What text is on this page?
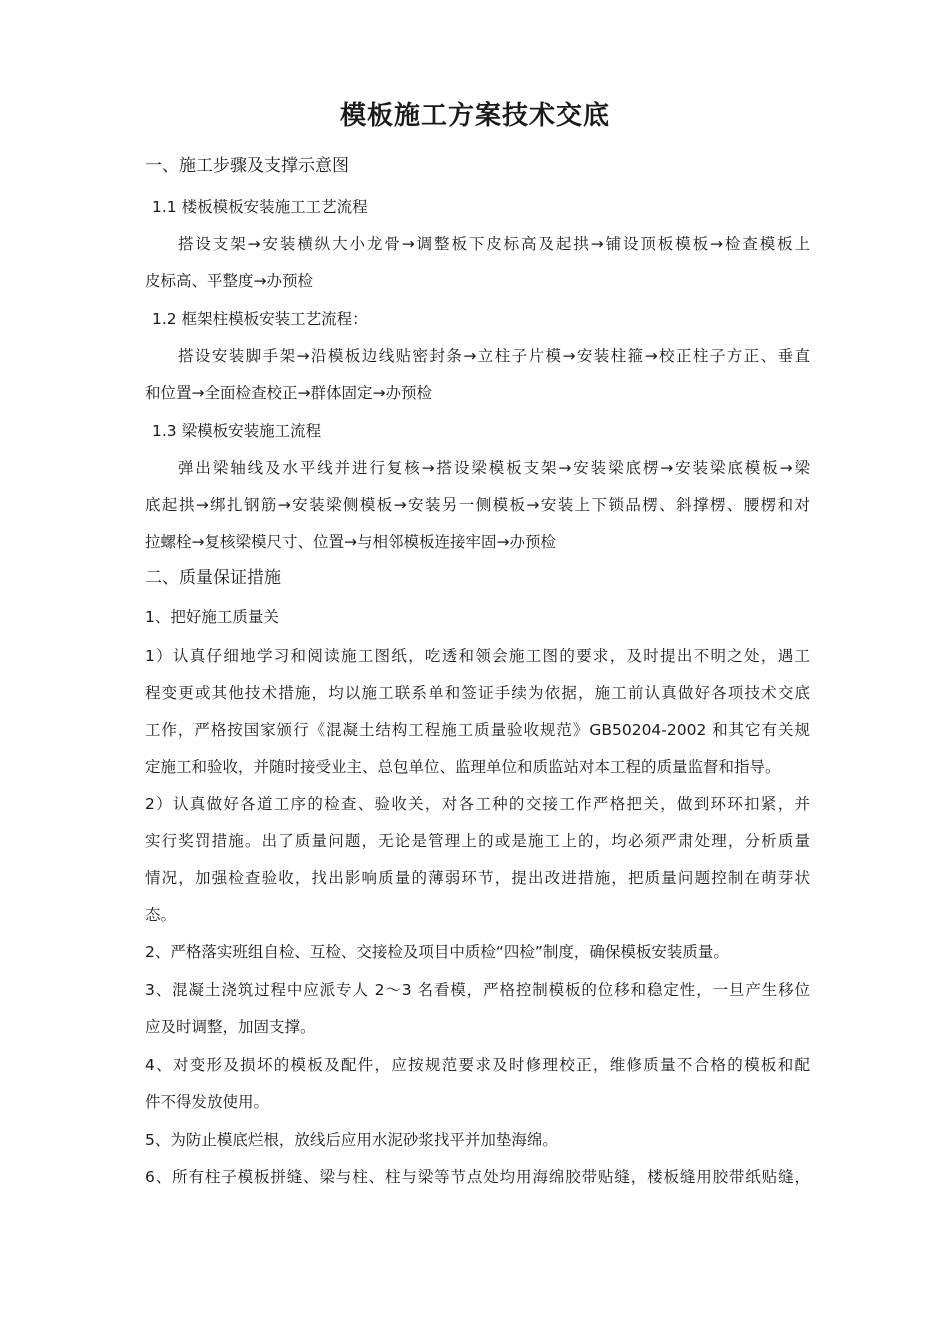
模板施工方案技术交底
一、施工步骤及支撑示意图
1.1 楼板模板安装施工工艺流程
搭设支架→安装横纵大小龙骨→调整板下皮标高及起拱→铺设顶板模板→检查模板上
皮标高、平整度→办预检
1.2 框架柱模板安装工艺流程：
搭设安装脚手架→沿模板边线贴密封条→立柱子片模→安装柱箍→校正柱子方正、垂直
和位置→全面检查校正→群体固定→办预检
1.3 梁模板安装施工流程
弹出梁轴线及水平线并进行复核→搭设梁模板支架→安装梁底楞→安装梁底模板→梁
底起拱→绑扎钢筋→安装梁侧模板→安装另一侧模板→安装上下锁品楞、斜撑楞、腰楞和对
拉螺栓→复核梁模尺寸、位置→与相邻模板连接牢固→办预检
二、质量保证措施
1、把好施工质量关
1）认真仔细地学习和阅读施工图纸，吃透和领会施工图的要求，及时提出不明之处，遇工
程变更或其他技术措施，均以施工联系单和签证手续为依据，施工前认真做好各项技术交底
工作，严格按国家颁行《混凝土结构工程施工质量验收规范》GB50204-2002 和其它有关规
定施工和验收，并随时接受业主、总包单位、监理单位和质监站对本工程的质量监督和指导。
2）认真做好各道工序的检查、验收关，对各工种的交接工作严格把关，做到环环扣紧，并
实行奖罚措施。出了质量问题，无论是管理上的或是施工上的，均必须严肃处理，分析质量
情况，加强检查验收，找出影响质量的薄弱环节，提出改进措施，把质量问题控制在萌芽状
态。
2、严格落实班组自检、互检、交接检及项目中质检“四检”制度，确保模板安装质量。
3、混凝土浇筑过程中应派专人 2～3 名看模，严格控制模板的位移和稳定性，一旦产生移位
应及时调整，加固支撑。
4、对变形及损坏的模板及配件，应按规范要求及时修理校正，维修质量不合格的模板和配
件不得发放使用。
5、为防止模底烂根，放线后应用水泥砂浆找平并加垫海绵。
6、所有柱子模板拼缝、梁与柱、柱与梁等节点处均用海绵胶带贴缝，楼板缝用胶带纸贴缝，
